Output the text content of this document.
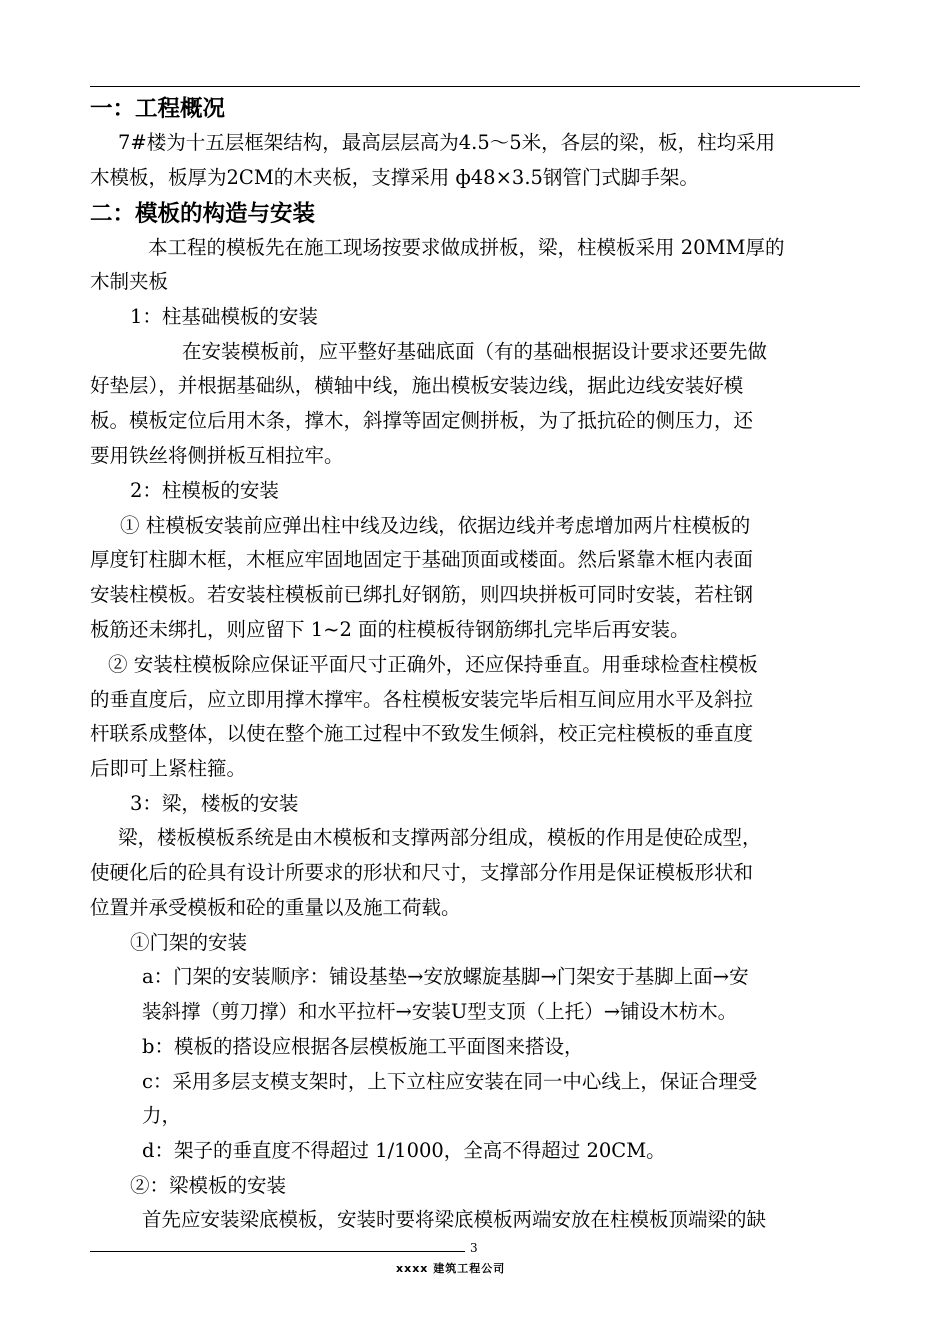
一：工程概况
7#楼为十五层框架结构，最高层层高为4.5～5米，各层的梁，板，柱均采用
木模板，板厚为2CM的木夹板，支撑采用 ф48×3.5钢管门式脚手架。
二：模板的构造与安装
本工程的模板先在施工现场按要求做成拼板，梁，柱模板采用 20MM厚的
木制夹板
1：柱基础模板的安装
在安装模板前，应平整好基础底面（有的基础根据设计要求还要先做
好垫层），并根据基础纵，横轴中线，施出模板安装边线，据此边线安装好模
板。模板定位后用木条，撑木，斜撑等固定侧拼板，为了抵抗砼的侧压力，还
要用铁丝将侧拼板互相拉牢。
2：柱模板的安装
① 柱模板安装前应弹出柱中线及边线，依据边线并考虑增加两片柱模板的
厚度钉柱脚木框，木框应牢固地固定于基础顶面或楼面。然后紧靠木框内表面
安装柱模板。若安装柱模板前已绑扎好钢筋，则四块拼板可同时安装，若柱钢
板筋还未绑扎，则应留下 1~2 面的柱模板待钢筋绑扎完毕后再安装。
② 安装柱模板除应保证平面尺寸正确外，还应保持垂直。用垂球检查柱模板
的垂直度后，应立即用撑木撑牢。各柱模板安装完毕后相互间应用水平及斜拉
杆联系成整体，以使在整个施工过程中不致发生倾斜，校正完柱模板的垂直度
后即可上紧柱箍。
3：梁，楼板的安装
梁，楼板模板系统是由木模板和支撑两部分组成，模板的作用是使砼成型，
使硬化后的砼具有设计所要求的形状和尺寸，支撑部分作用是保证模板形状和
位置并承受模板和砼的重量以及施工荷载。
①门架的安装
a：门架的安装顺序：铺设基垫→安放螺旋基脚→门架安于基脚上面→安
装斜撑（剪刀撑）和水平拉杆→安装U型支顶（上托）→铺设木枋木。
b：模板的搭设应根据各层模板施工平面图来搭设，
c：采用多层支模支架时，上下立柱应安装在同一中心线上，保证合理受
力，
d：架子的垂直度不得超过 1/1000，全高不得超过 20CM。
②：梁模板的安装
首先应安装梁底模板，安装时要将梁底模板两端安放在柱模板顶端梁的缺
3
xxxx 建筑工程公司
